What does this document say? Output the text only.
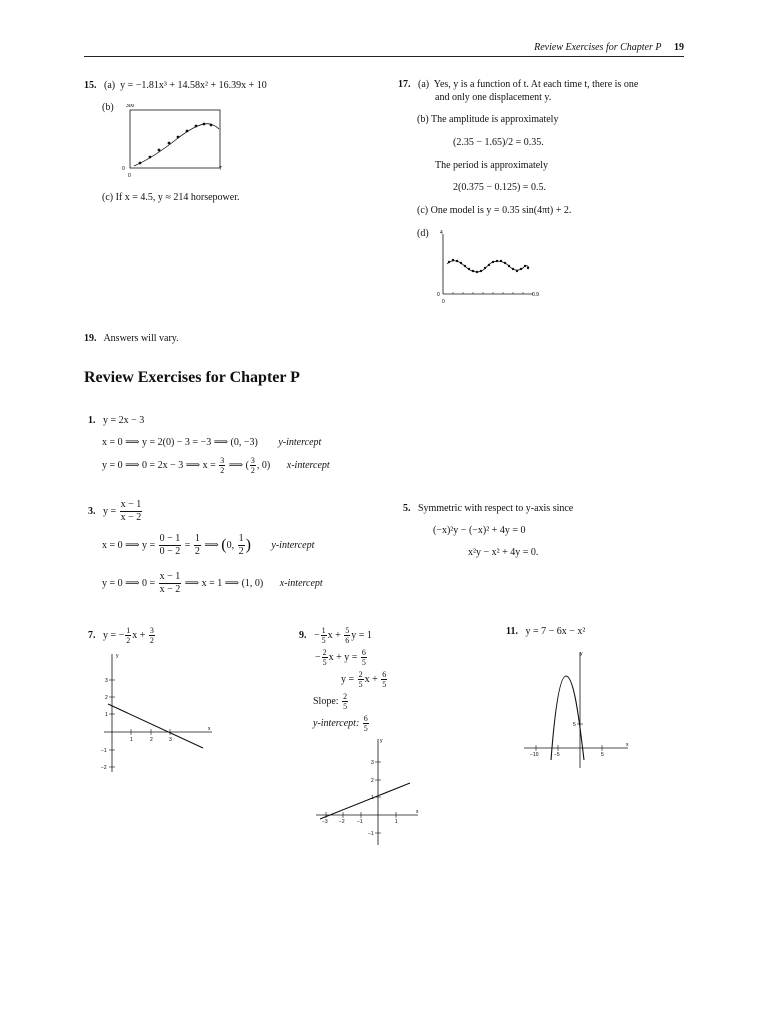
Review Exercises for Chapter P 19
15. (a) y = −1.81x³ + 14.58x² + 16.39x + 10
(b) 300
0
0
7
(c) If x = 4.5, y ≈ 214 horsepower.
17. (a) Yes, y is a function of t. At each time t, there is one
and only one displacement y.
(b) The amplitude is approximately
(2.35 − 1.65)/2 = 0.35.
The period is approximately
2(0.375 − 0.125) = 0.5.
(c) One model is y = 0.35 sin(4πt) + 2.
(d) 4
0
0
0.9
19. Answers will vary.
Review Exercises for Chapter P
1. y = 2x − 3
x = 0 ⟹ y = 2(0) − 3 = −3 ⟹ (0, −3) y-intercept
y = 0 ⟹ 0 = 2x − 3 ⟹ $x = \frac{3}{2}$ ⟹ ( $\frac{3}{2}$ , 0) x-intercept
3. $y = \frac{x - 1}{x - 2}$
x = 0 ⟹ $y = \frac{0 - 1}{0 - 2} = \frac{1}{2}$ ⟹ (0, $\frac{1}{2}$ ) y-intercept
y = 0 ⟹ $0 = \frac{x - 1}{x - 2}$ ⟹ x = 1 ⟹ (1, 0) x-intercept
5. Symmetric with respect to y-axis since
(−x)²y − (−x)² + 4y = 0
x²y − x² + 4y = 0.
7. y = − $\frac{1}{2}$ $x + \frac{3}{2}$
y
x
3
2
1
−1
−2
1	2	3
9. − $\frac{1}{5}$ $x + \frac{5}{6}$ y = 1
− $\frac{2}{5}$ $x + y = \frac{6}{5}$
$y = \frac{2}{5}$ $x + \frac{6}{5}$
Slope: $\frac{2}{5}$
y-intercept: $\frac{6}{5}$
y
x
3
2
−1
−3 −2 −1	1
11. y = 7 − 6x − x²
y
x
5
−10	−5	5
